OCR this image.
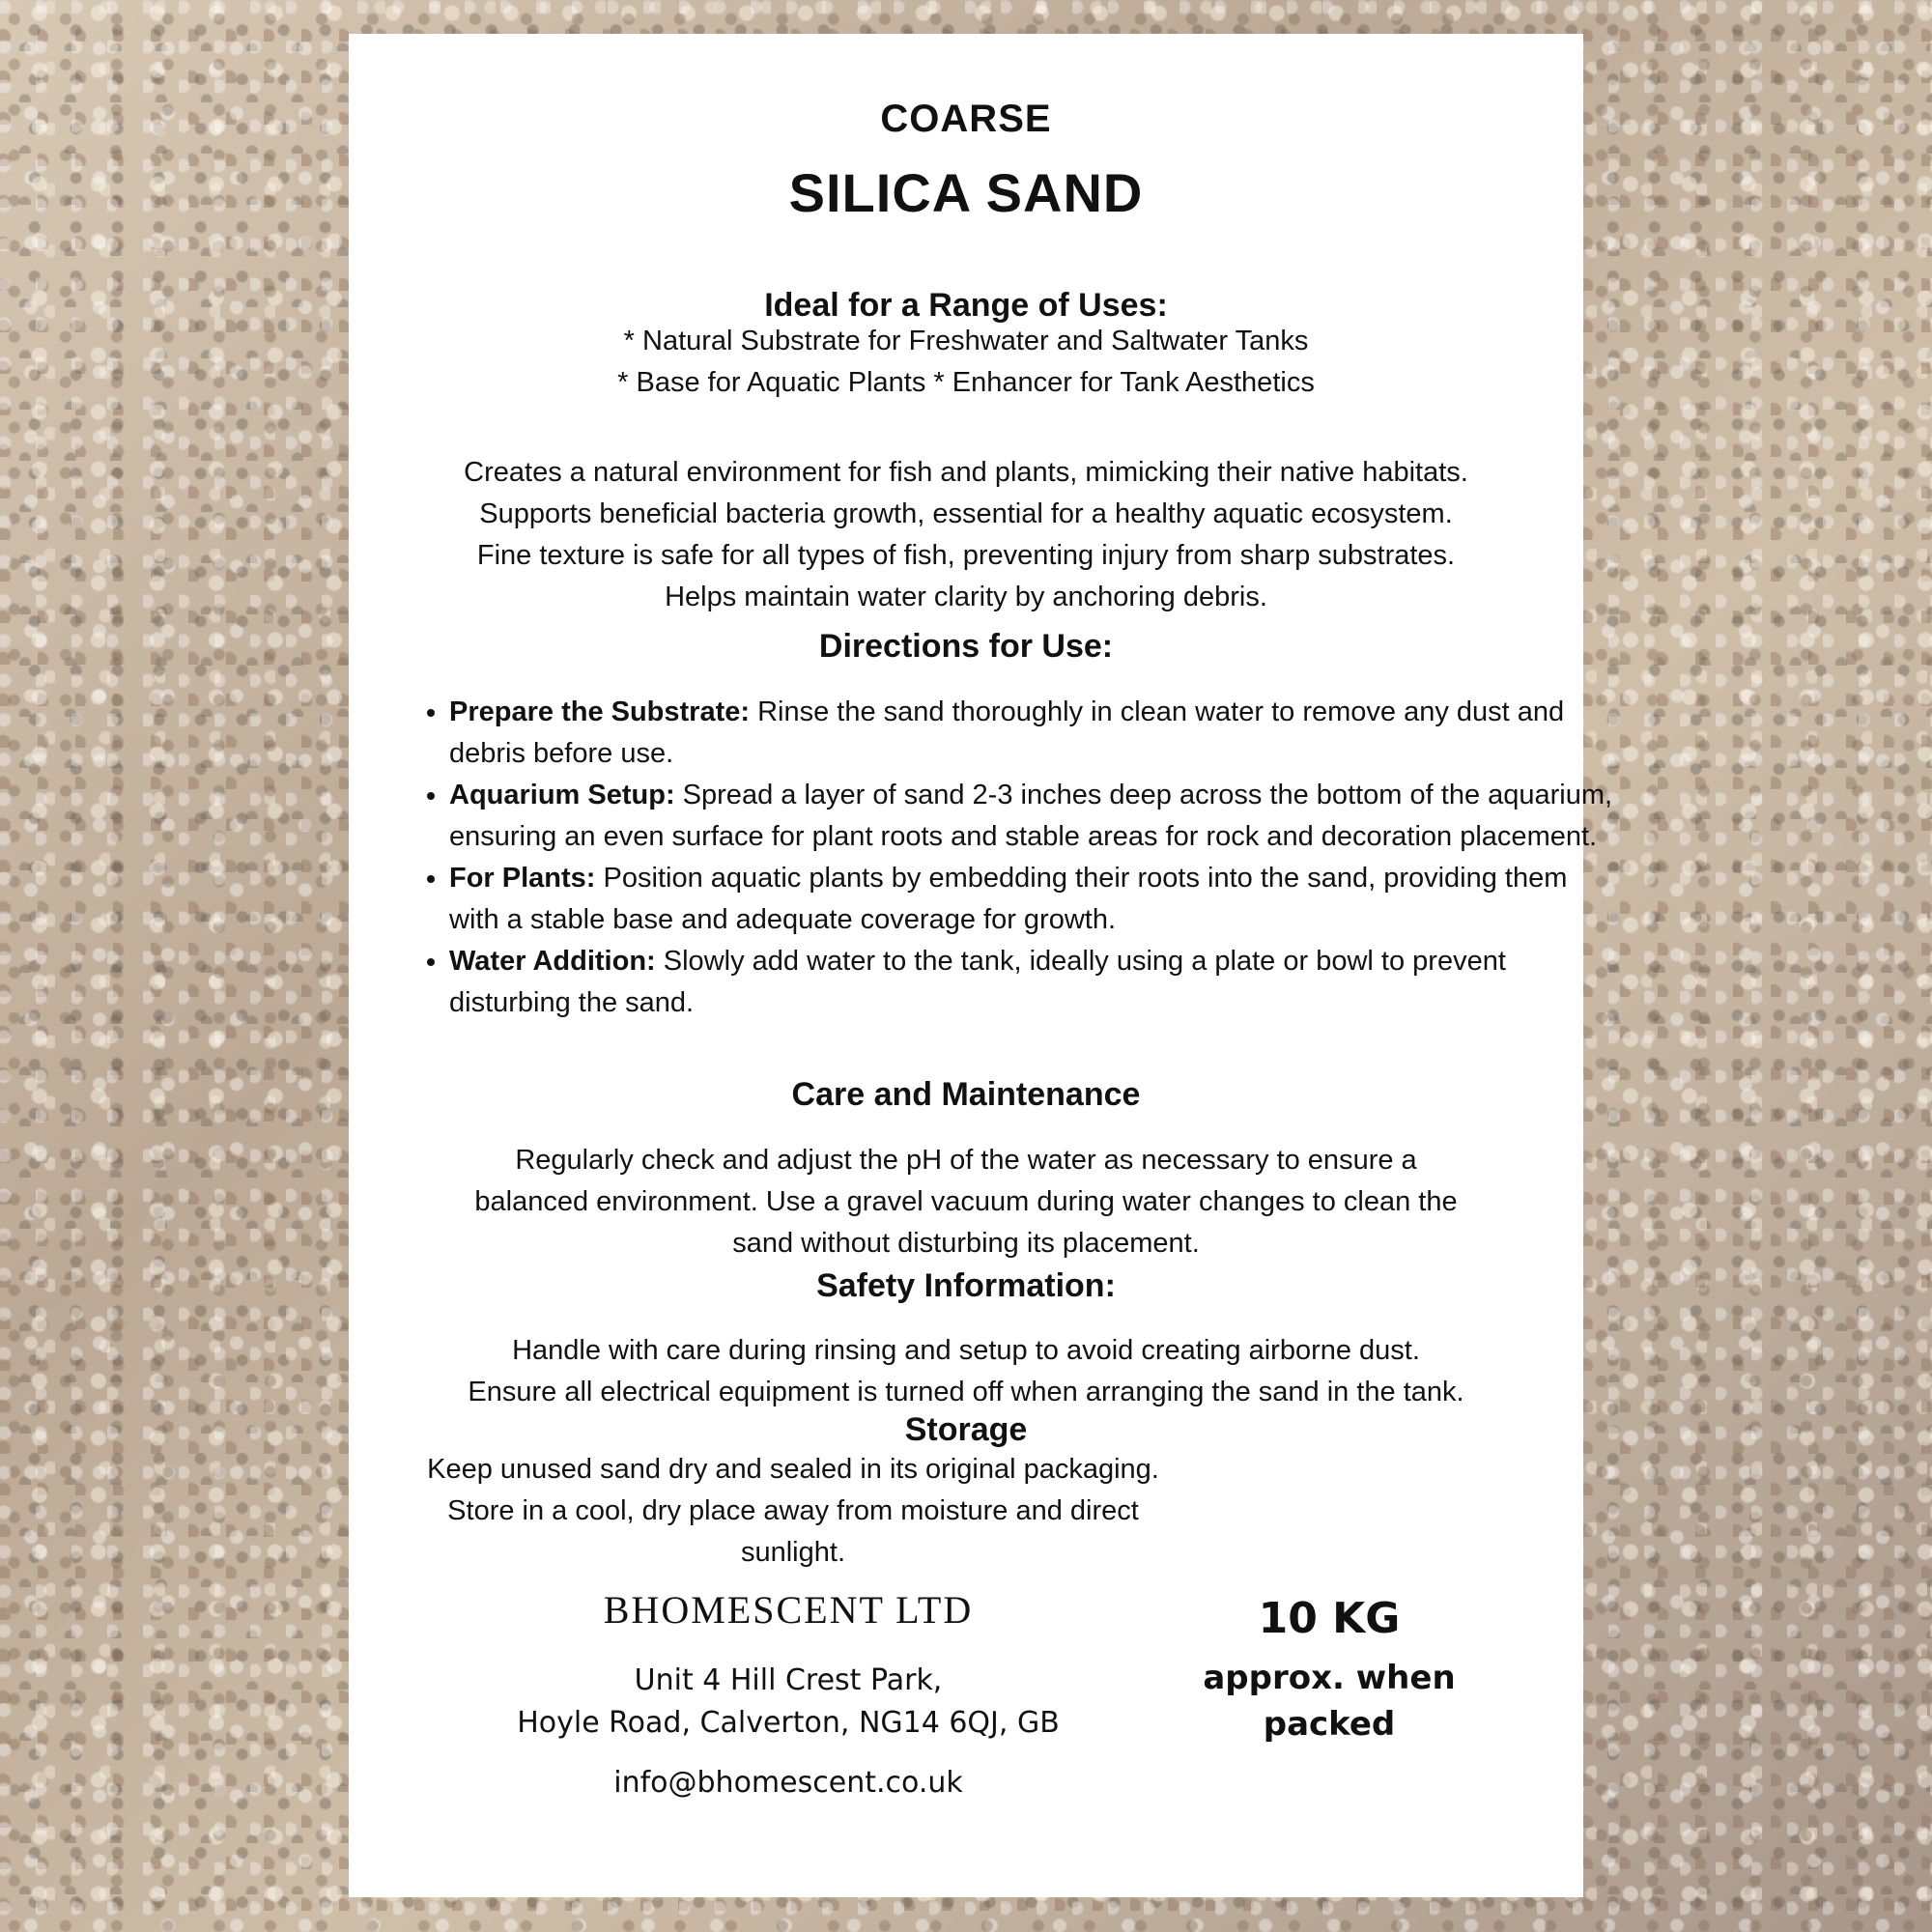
COARSE

SILICA SAND
Ideal for a Range of Uses:
* Natural Substrate for Freshwater and Saltwater Tanks
* Base for Aquatic Plants * Enhancer for Tank Aesthetics
Creates a natural environment for fish and plants, mimicking their native habitats.
Supports beneficial bacteria growth, essential for a healthy aquatic ecosystem.
Fine texture is safe for all types of fish, preventing injury from sharp substrates.
Helps maintain water clarity by anchoring debris.
Directions for Use:
• Prepare the Substrate: Rinse the sand thoroughly in clean water to remove any dust and debris before use.
• Aquarium Setup: Spread a layer of sand 2-3 inches deep across the bottom of the aquarium, ensuring an even surface for plant roots and stable areas for rock and decoration placement.
• For Plants: Position aquatic plants by embedding their roots into the sand, providing them with a stable base and adequate coverage for growth.
• Water Addition: Slowly add water to the tank, ideally using a plate or bowl to prevent disturbing the sand.
Care and Maintenance
Regularly check and adjust the pH of the water as necessary to ensure a
balanced environment. Use a gravel vacuum during water changes to clean the
sand without disturbing its placement.
Safety Information:
Handle with care during rinsing and setup to avoid creating airborne dust.
Ensure all electrical equipment is turned off when arranging the sand in the tank.
Storage
Keep unused sand dry and sealed in its original packaging.
Store in a cool, dry place away from moisture and direct
sunlight.
BHOMESCENT LTD
Unit 4 Hill Crest Park,
Hoyle Road, Calverton, NG14 6QJ, GB
info@bhomescent.co.uk
10 KG
approx. when
packed
